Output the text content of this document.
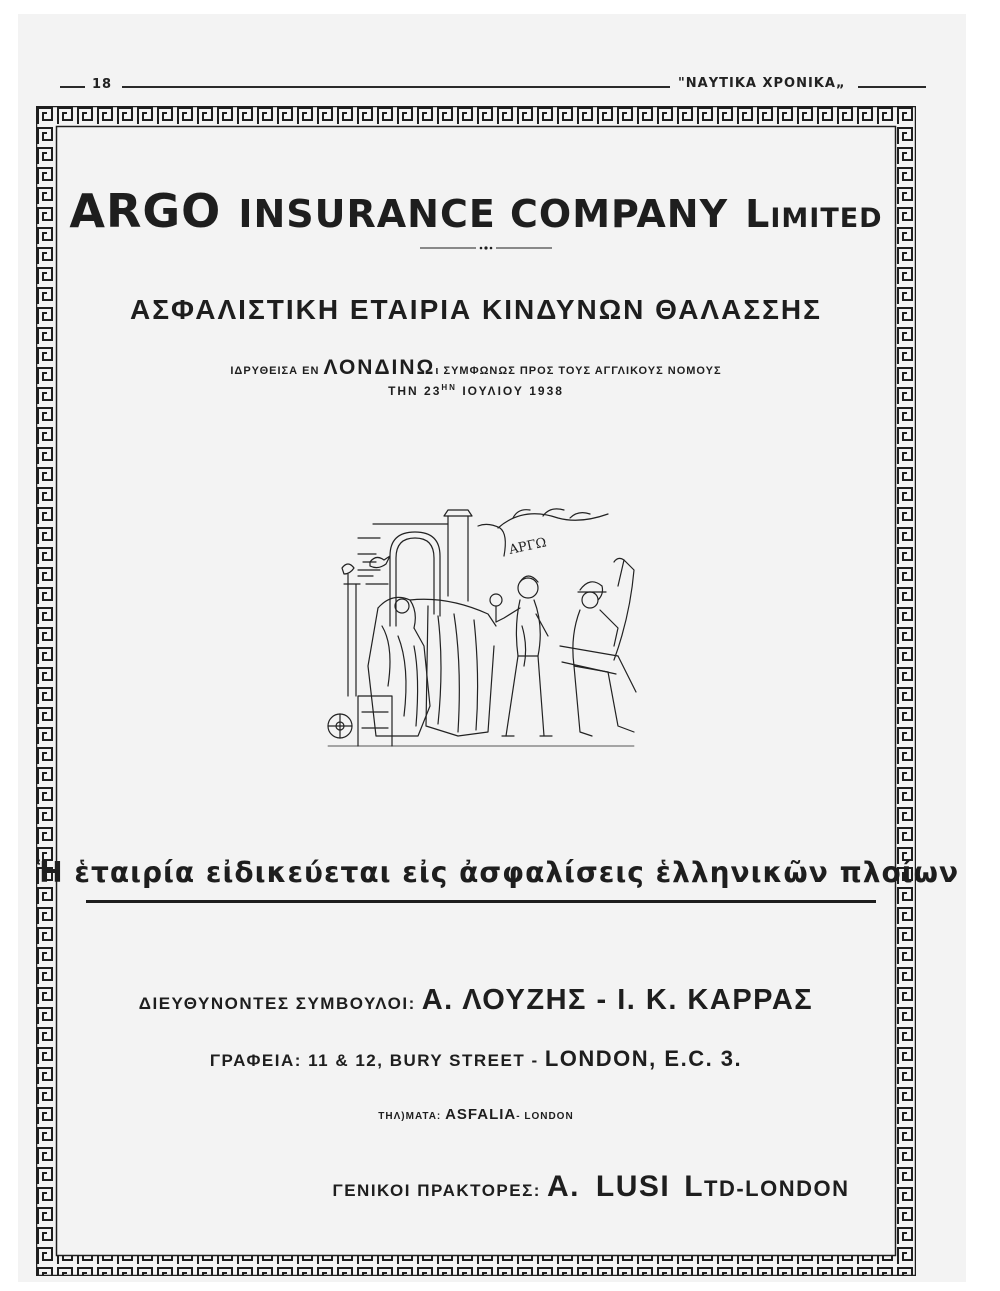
18	"ΝΑΥΤΙΚΑ ΧΡΟΝΙΚΑ„
ARGO INSURANCE COMPANY LIMITED
ΑΣΦΑΛΙΣΤΙΚΗ ΕΤΑΙΡΙΑ ΚΙΝΔΥΝΩΝ ΘΑΛΑΣΣΗΣ
ΙΔΡΥΘΕΙΣΑ ΕΝ ΛΟΝΔΙΝΩι ΣΥΜΦΩΝΩΣ ΠΡΟΣ ΤΟΥΣ ΑΓΓΛΙΚΟΥΣ ΝΟΜΟΥΣ
ΤΗΝ $23^{HN}$ ΙΟΥΛΙΟΥ 1938
ΑΡΓΩ
Ἡ ἑταιρία εἰδικεύεται εἰς ἀσφαλίσεις ἑλληνικῶν πλοίων
ΔΙΕΥΘΥΝΟΝΤΕΣ ΣΥΜΒΟΥΛΟΙ: Α. ΛΟΥΖΗΣ - Ι. Κ. ΚΑΡΡΑΣ
ΓΡΑΦΕΙΑ: 11 & 12, BURY STREET - LONDON, E.C. 3.
ΤΗΛ)ΜΑΤΑ: ASFALIA- LONDON
ΓΕΝΙΚΟΙ ΠΡΑΚΤΟΡΕΣ: Α. LUSI LTD-LONDON
